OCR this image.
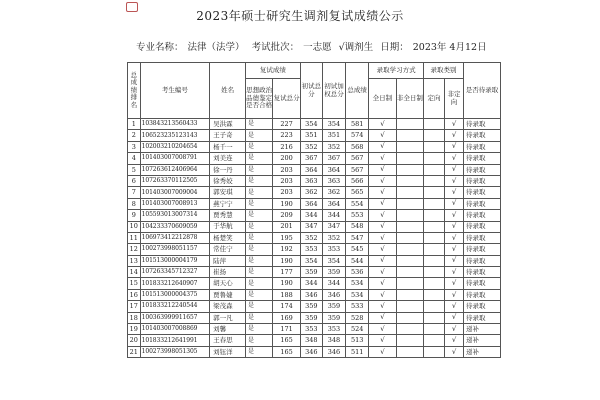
2023年硕士研究生调剂复试成绩公示
专业名称： 法律（法学） 考试批次： 一志愿 √调剂生 日期： 2023年 4月12日
总成绩排名	考生编号	姓名	复试成绩		初试总分	初试加权总分	总成绩	录取学习方式		录取类别		是否待录取
			思想政治品德鉴定是否合格	复试总分				全日制	非全日制	定向	非定向	

1	103843213560433	吴洪霖	是	227	354	354	581	√			√	待录取
2	106523235123143	王子奇	是	223	351	351	574	√			√	待录取
3	102003210204654	杨千一	是	216	352	352	568	√			√	待录取
4	101403007008791	刘美连	是	200	367	367	567	√			√	待录取
5	107263612406964	徐一丹	是	203	364	364	567	√			√	待录取
6	107263370112505	徐秀姣	是	203	363	363	566	√			√	待录取
7	101403007009004	郭安琪	是	203	362	362	565	√			√	待录取
8	101403007008913	燕宁宁	是	190	364	364	554	√			√	待录取
9	105593013007314	贾秀慧	是	209	344	344	553	√			√	待录取
10	104233370609059	于华航	是	201	347	347	548	√			√	待录取
11	106973412212878	杨楚笑	是	195	352	352	547	√			√	待录取
12	100273998051157	常佳宁	是	192	353	353	545	√			√	待录取
13	101513000004179	陆萍	是	190	354	354	544	√			√	待录取
14	107263345712327	崔扬	是	177	359	359	536	√			√	待录取
15	101833212640907	胡天心	是	190	344	344	534	√			√	待录取
16	101513000004375	贾鲁婕	是	188	346	346	534	√			√	待录取
17	101833212240544	梁茂森	是	174	359	359	533	√			√	待录取
18	100363999911657	郭一凡	是	169	359	359	528	√			√	待录取
19	101403007008869	刘馨	是	171	353	353	524	√			√	递补
20	101833212641991	王春思	是	165	348	348	513	√			√	递补
21	100273998051305	刘钰洋	是	165	346	346	511	√			√	递补
